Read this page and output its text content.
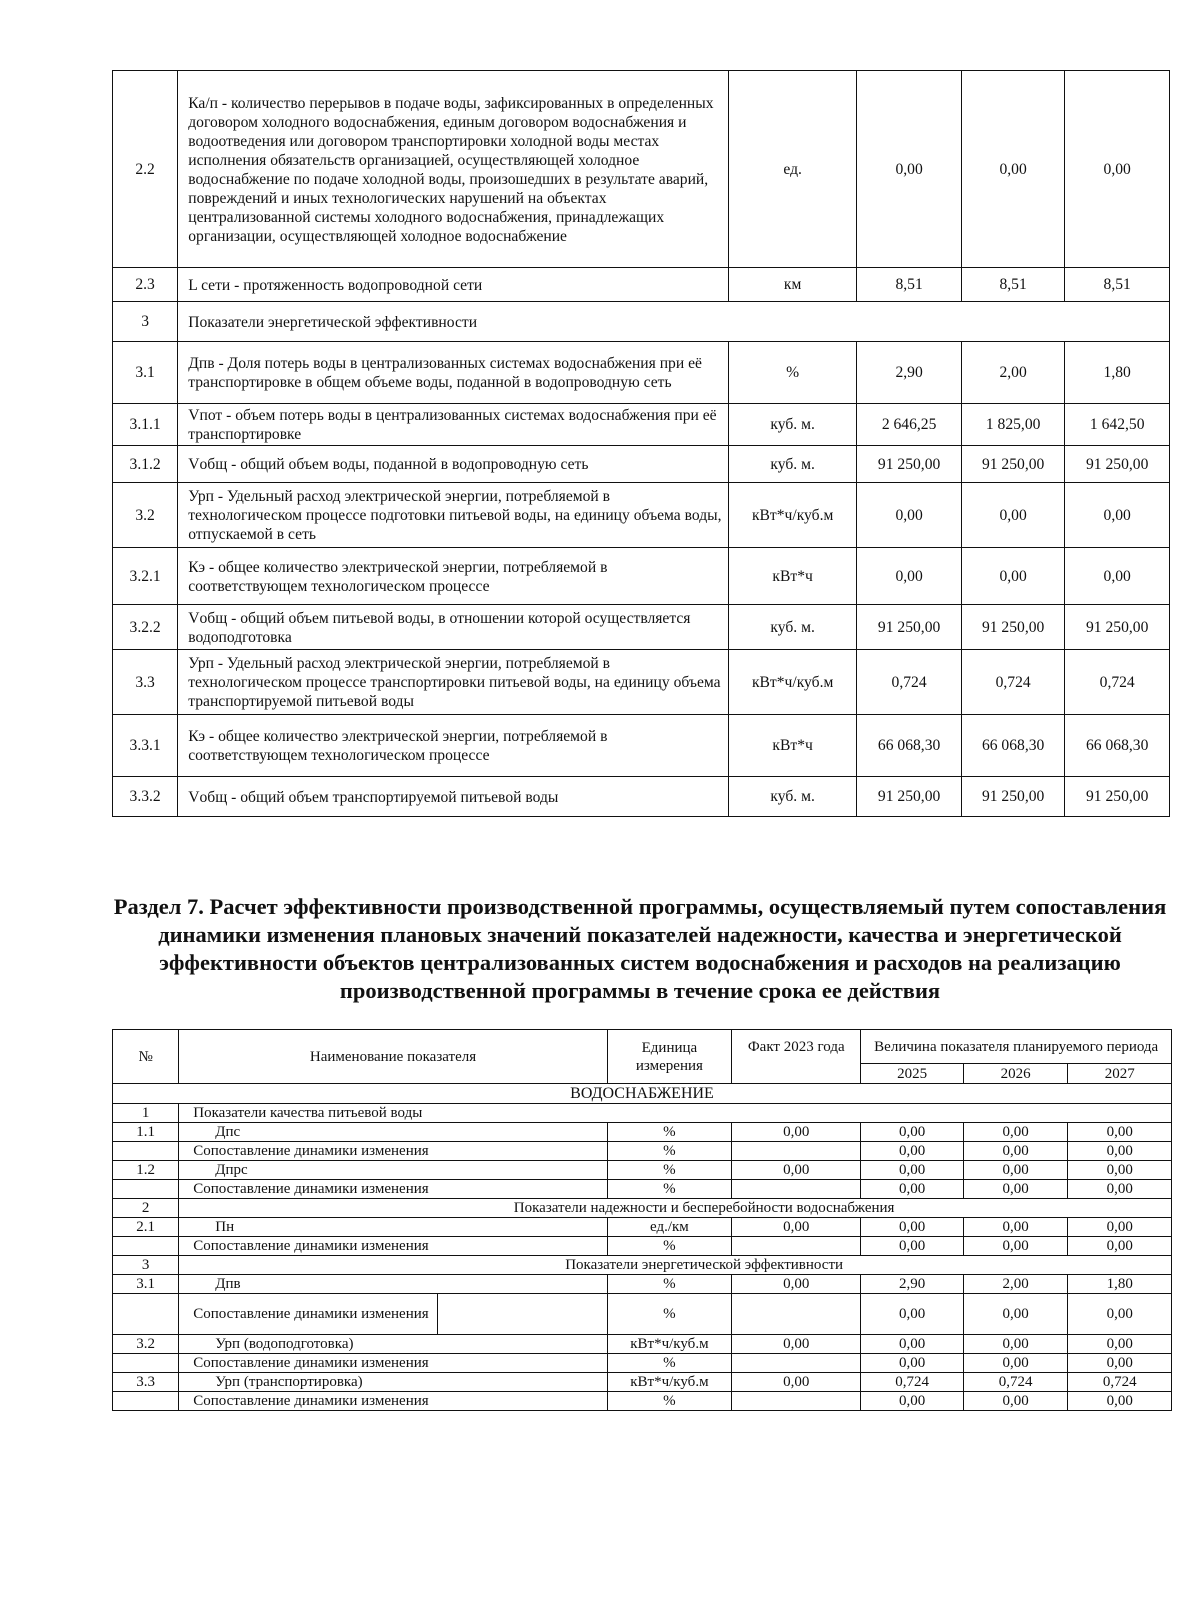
2.2	Ка/п - количество перерывов в подаче воды, зафиксированных в определенных договором холодного водоснабжения, единым договором водоснабжения и водоотведения или договором транспортировки холодной воды местах исполнения обязательств организацией, осуществляющей холодное водоснабжение по подаче холодной воды, произошедших в результате аварий, повреждений и иных технологических нарушений на объектах централизованной системы холодного водоснабжения, принадлежащих организации, осуществляющей холодное водоснабжение	ед.	0,00	0,00	0,00
2.3	L сети - протяженность водопроводной сети	км	8,51	8,51	8,51
3	Показатели энергетической эффективности				
3.1	Дпв - Доля потерь воды в централизованных системах водоснабжения при её транспортировке в общем объеме воды, поданной в водопроводную сеть	%	2,90	2,00	1,80
3.1.1	Vпот - объем потерь воды в централизованных системах водоснабжения при её транспортировке	куб. м.	2 646,25	1 825,00	1 642,50
3.1.2	Vобщ - общий объем воды, поданной в водопроводную сеть	куб. м.	91 250,00	91 250,00	91 250,00
3.2	Урп - Удельный расход электрической энергии, потребляемой в технологическом процессе подготовки питьевой воды, на единицу объема воды, отпускаемой в сеть	кВт*ч/куб.м	0,00	0,00	0,00
3.2.1	Кэ - общее количество электрической энергии, потребляемой в соответствующем технологическом процессе	кВт*ч	0,00	0,00	0,00
3.2.2	Vобщ - общий объем питьевой воды, в отношении которой осуществляется водоподготовка	куб. м.	91 250,00	91 250,00	91 250,00
3.3	Урп - Удельный расход электрической энергии, потребляемой в технологическом процессе транспортировки питьевой воды, на единицу объема транспортируемой питьевой воды	кВт*ч/куб.м	0,724	0,724	0,724
3.3.1	Кэ - общее количество электрической энергии, потребляемой в соответствующем технологическом процессе	кВт*ч	66 068,30	66 068,30	66 068,30
3.3.2	Vобщ - общий объем транспортируемой питьевой воды	куб. м.	91 250,00	91 250,00	91 250,00
Раздел 7. Расчет эффективности производственной программы, осуществляемый путем сопоставления динамики изменения плановых значений показателей надежности, качества и энергетической эффективности объектов централизованных систем водоснабжения и расходов на реализацию производственной программы в течение срока ее действия
№	Наименование показателя		Единица измерения	Факт 2023 года	Величина показателя планируемого периода		
					2025	2026	2027
ВОДОСНАБЖЕНИЕ							
1	Показатели качества питьевой воды						
1.1	Дпс		%	0,00	0,00	0,00	0,00
	Сопоставление динамики изменения		%		0,00	0,00	0,00
1.2	Дпрс		%	0,00	0,00	0,00	0,00
	Сопоставление динамики изменения		%		0,00	0,00	0,00
2	Показатели надежности и бесперебойности водоснабжения						
2.1	Пн		ед./км	0,00	0,00	0,00	0,00
	Сопоставление динамики изменения		%		0,00	0,00	0,00
3	Показатели энергетической эффективности						
3.1	Дпв		%	0,00	2,90	2,00	1,80
	Сопоставление динамики изменения		%		0,00	0,00	0,00
3.2	Урп (водоподготовка)		кВт*ч/куб.м	0,00	0,00	0,00	0,00
	Сопоставление динамики изменения		%		0,00	0,00	0,00
3.3	Урп (транспортировка)		кВт*ч/куб.м	0,00	0,724	0,724	0,724
	Сопоставление динамики изменения		%		0,00	0,00	0,00
